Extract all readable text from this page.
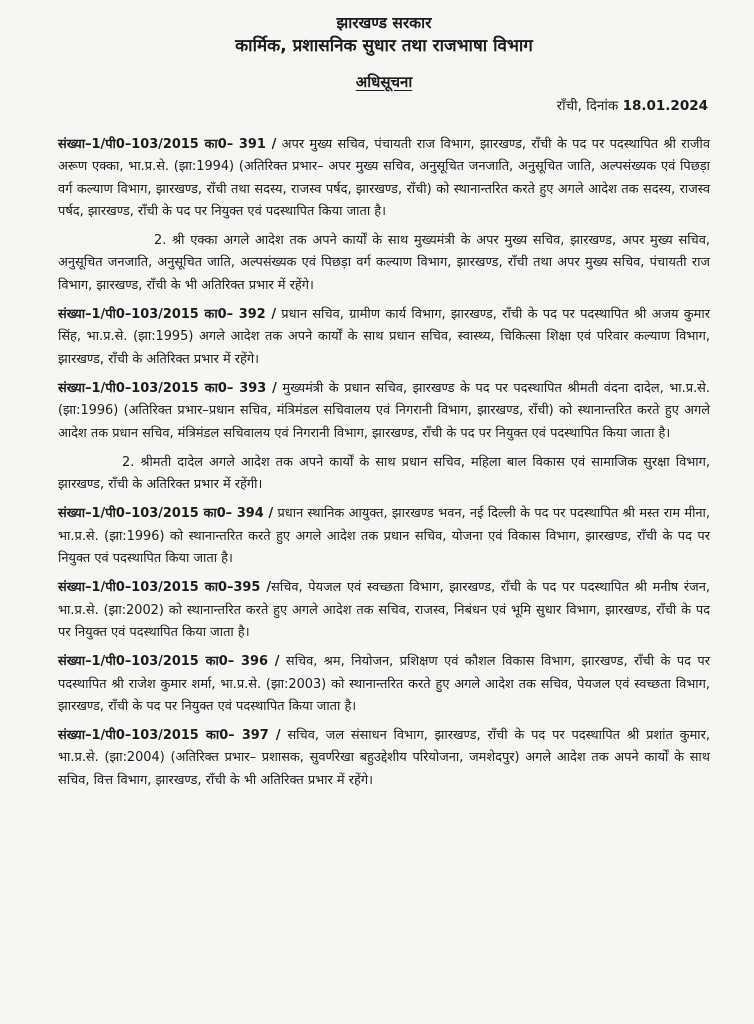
झारखण्ड सरकार
कार्मिक, प्रशासनिक सुधार तथा राजभाषा विभाग
अधिसूचना
राँची, दिनांक 18.01.2024

संख्या–1/पी0–103/2015 का0– 391 / अपर मुख्य सचिव, पंचायती राज विभाग, झारखण्ड, राँची के पद पर पदस्थापित श्री राजीव अरूण एक्का, भा.प्र.से. (झा:1994) (अतिरिक्त प्रभार– अपर मुख्य सचिव, अनुसूचित जनजाति, अनुसूचित जाति, अल्पसंख्यक एवं पिछड़ा वर्ग कल्याण विभाग, झारखण्ड, राँची तथा सदस्य, राजस्व पर्षद, झारखण्ड, राँची) को स्थानान्तरित करते हुए अगले आदेश तक सदस्य, राजस्व पर्षद, झारखण्ड, राँची के पद पर नियुक्त एवं पदस्थापित किया जाता है।

2. श्री एक्का अगले आदेश तक अपने कार्यों के साथ मुख्यमंत्री के अपर मुख्य सचिव, झारखण्ड, अपर मुख्य सचिव, अनुसूचित जनजाति, अनुसूचित जाति, अल्पसंख्यक एवं पिछड़ा वर्ग कल्याण विभाग, झारखण्ड, राँची तथा अपर मुख्य सचिव, पंचायती राज विभाग, झारखण्ड, राँची के भी अतिरिक्त प्रभार में रहेंगे।

संख्या–1/पी0–103/2015 का0– 392 / प्रधान सचिव, ग्रामीण कार्य विभाग, झारखण्ड, राँची के पद पर पदस्थापित श्री अजय कुमार सिंह, भा.प्र.से. (झा:1995) अगले आदेश तक अपने कार्यों के साथ प्रधान सचिव, स्वास्थ्य, चिकित्सा शिक्षा एवं परिवार कल्याण विभाग, झारखण्ड, राँची के अतिरिक्त प्रभार में रहेंगे।

संख्या–1/पी0–103/2015 का0– 393 / मुख्यमंत्री के प्रधान सचिव, झारखण्ड के पद पर पदस्थापित श्रीमती वंदना दादेल, भा.प्र.से. (झा:1996) (अतिरिक्त प्रभार–प्रधान सचिव, मंत्रिमंडल सचिवालय एवं निगरानी विभाग, झारखण्ड, राँची) को स्थानान्तरित करते हुए अगले आदेश तक प्रधान सचिव, मंत्रिमंडल सचिवालय एवं निगरानी विभाग, झारखण्ड, राँची के पद पर नियुक्त एवं पदस्थापित किया जाता है।

2. श्रीमती दादेल अगले आदेश तक अपने कार्यों के साथ प्रधान सचिव, महिला बाल विकास एवं सामाजिक सुरक्षा विभाग, झारखण्ड, राँची के अतिरिक्त प्रभार में रहेंगी।

संख्या–1/पी0–103/2015 का0– 394 / प्रधान स्थानिक आयुक्त, झारखण्ड भवन, नई दिल्ली के पद पर पदस्थापित श्री मस्त राम मीना, भा.प्र.से. (झा:1996) को स्थानान्तरित करते हुए अगले आदेश तक प्रधान सचिव, योजना एवं विकास विभाग, झारखण्ड, राँची के पद पर नियुक्त एवं पदस्थापित किया जाता है।

संख्या–1/पी0–103/2015 का0–395 /सचिव, पेयजल एवं स्वच्छता विभाग, झारखण्ड, राँची के पद पर पदस्थापित श्री मनीष रंजन, भा.प्र.से. (झा:2002) को स्थानान्तरित करते हुए अगले आदेश तक सचिव, राजस्व, निबंधन एवं भूमि सुधार विभाग, झारखण्ड, राँची के पद पर नियुक्त एवं पदस्थापित किया जाता है।

संख्या–1/पी0–103/2015 का0– 396 / सचिव, श्रम, नियोजन, प्रशिक्षण एवं कौशल विकास विभाग, झारखण्ड, राँची के पद पर पदस्थापित श्री राजेश कुमार शर्मा, भा.प्र.से. (झा:2003) को स्थानान्तरित करते हुए अगले आदेश तक सचिव, पेयजल एवं स्वच्छता विभाग, झारखण्ड, राँची के पद पर नियुक्त एवं पदस्थापित किया जाता है।

संख्या–1/पी0–103/2015 का0– 397 / सचिव, जल संसाधन विभाग, झारखण्ड, राँची के पद पर पदस्थापित श्री प्रशांत कुमार, भा.प्र.से. (झा:2004) (अतिरिक्त प्रभार– प्रशासक, सुवर्णरेखा बहुउद्देशीय परियोजना, जमशेदपुर) अगले आदेश तक अपने कार्यों के साथ सचिव, वित्त विभाग, झारखण्ड, राँची के भी अतिरिक्त प्रभार में रहेंगे।
